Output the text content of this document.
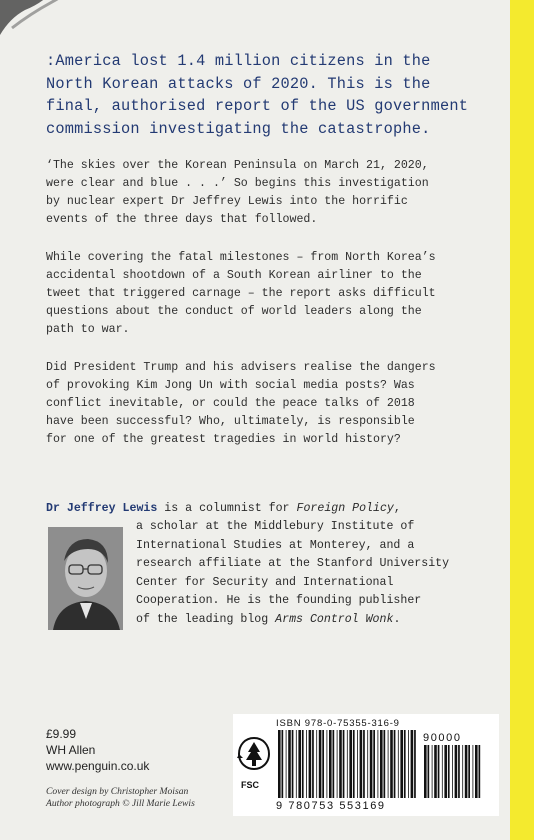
:America lost 1.4 million citizens in the
North Korean attacks of 2020. This is the
final, authorised report of the US government
commission investigating the catastrophe.
‘The skies over the Korean Peninsula on March 21, 2020,
were clear and blue . . .’ So begins this investigation
by nuclear expert Dr Jeffrey Lewis into the horrific
events of the three days that followed.
While covering the fatal milestones – from North Korea’s
accidental shootdown of a South Korean airliner to the
tweet that triggered carnage – the report asks difficult
questions about the conduct of world leaders along the
path to war.
Did President Trump and his advisers realise the dangers
of provoking Kim Jong Un with social media posts? Was
conflict inevitable, or could the peace talks of 2018
have been successful? Who, ultimately, is responsible
for one of the greatest tragedies in world history?
Dr Jeffrey Lewis is a columnist for Foreign Policy,
a scholar at the Middlebury Institute of
International Studies at Monterey, and a
research affiliate at the Stanford University
Center for Security and International
Cooperation. He is the founding publisher
of the leading blog Arms Control Wonk.
£9.99
WH Allen
www.penguin.co.uk
Cover design by Christopher Moisan
Author photograph © Jill Marie Lewis
ISBN 978-0-75355-316-9
FSC
90000
9 780753 553169
